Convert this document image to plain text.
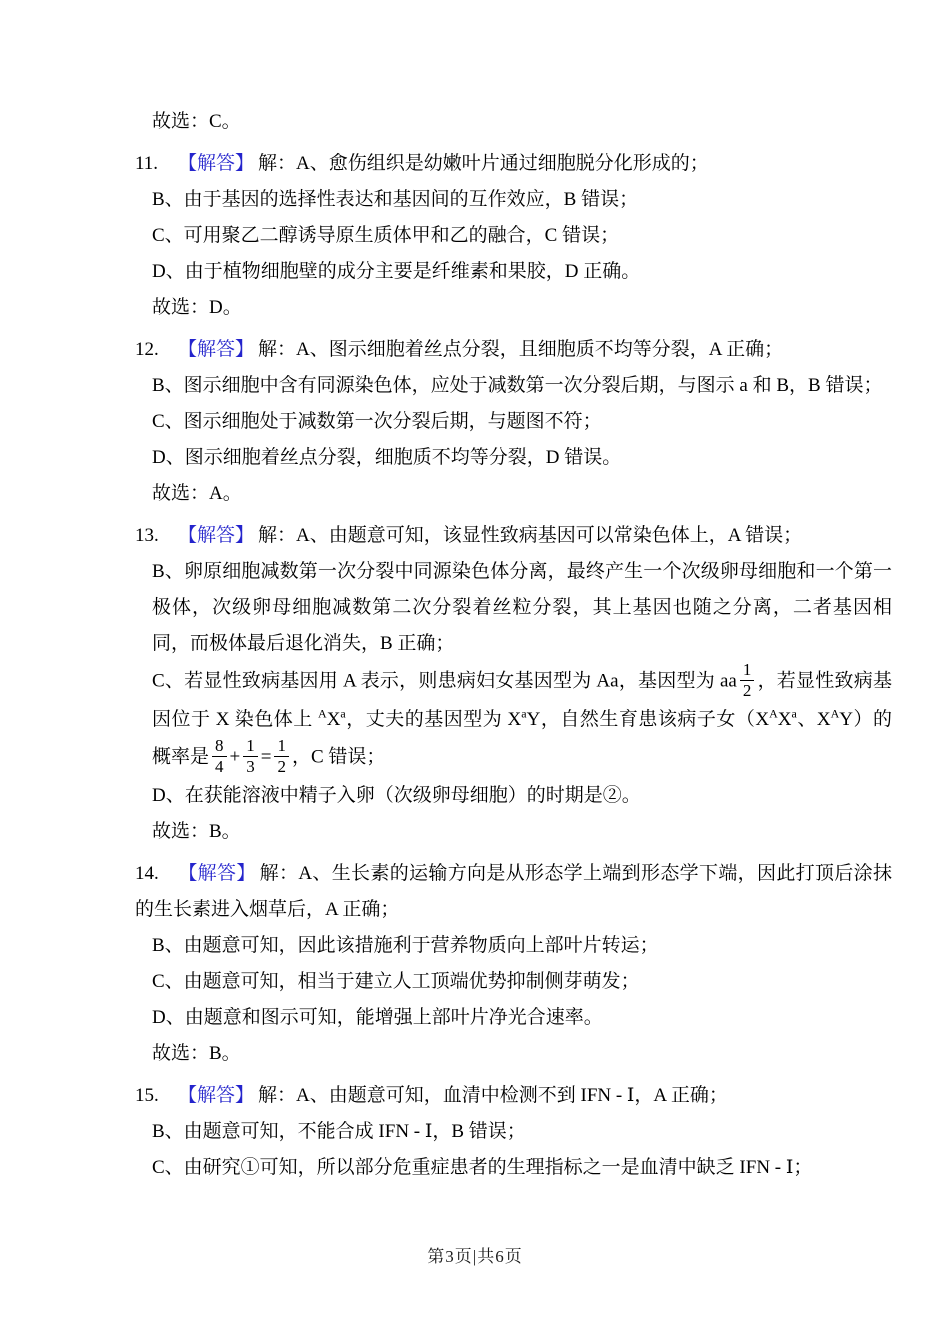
故选：C。

11. 【解答】 解：A、愈伤组织是幼嫩叶片通过细胞脱分化形成的；

B、由于基因的选择性表达和基因间的互作效应，B 错误；

C、可用聚乙二醇诱导原生质体甲和乙的融合，C 错误；

D、由于植物细胞壁的成分主要是纤维素和果胶，D 正确。

故选：D。

12. 【解答】 解：A、图示细胞着丝点分裂，且细胞质不均等分裂，A 正确；

B、图示细胞中含有同源染色体，应处于减数第一次分裂后期，与图示 a 和 B，B 错误；

C、图示细胞处于减数第一次分裂后期，与题图不符；

D、图示细胞着丝点分裂，细胞质不均等分裂，D 错误。

故选：A。

13. 【解答】 解：A、由题意可知，该显性致病基因可以常染色体上，A 错误；

B、卵原细胞减数第一次分裂中同源染色体分离，最终产生一个次级卵母细胞和一个第一极体，次级卵母细胞减数第二次分裂着丝粒分裂，其上基因也随之分离，二者基因相同，而极体最后退化消失，B 正确；

C、若显性致病基因用 A 表示，则患病妇女基因型为 Aa，基因型为 aa $\frac{1}{2}$ ，若显性致病基因位于 X 染色体上 $^AX^a$，丈夫的基因型为 $X^aY$，自然生育患该病子女（$X^AX^a$、$X^AY$）的概率是 $\frac{8}{4} + \frac{1}{3} = \frac{1}{2}$ ，C 错误；

D、在获能溶液中精子入卵（次级卵母细胞）的时期是②。

故选：B。

14. 【解答】 解：A、生长素的运输方向是从形态学上端到形态学下端，因此打顶后涂抹的生长素进入烟草后，A 正确；

B、由题意可知，因此该措施利于营养物质向上部叶片转运；

C、由题意可知，相当于建立人工顶端优势抑制侧芽萌发；

D、由题意和图示可知，能增强上部叶片净光合速率。

故选：B。

15. 【解答】 解：A、由题意可知，血清中检测不到 IFN - Ⅰ，A 正确；

B、由题意可知，不能合成 IFN - Ⅰ，B 错误；

C、由研究①可知，所以部分危重症患者的生理指标之一是血清中缺乏 IFN - Ⅰ；

第3页|共6页
